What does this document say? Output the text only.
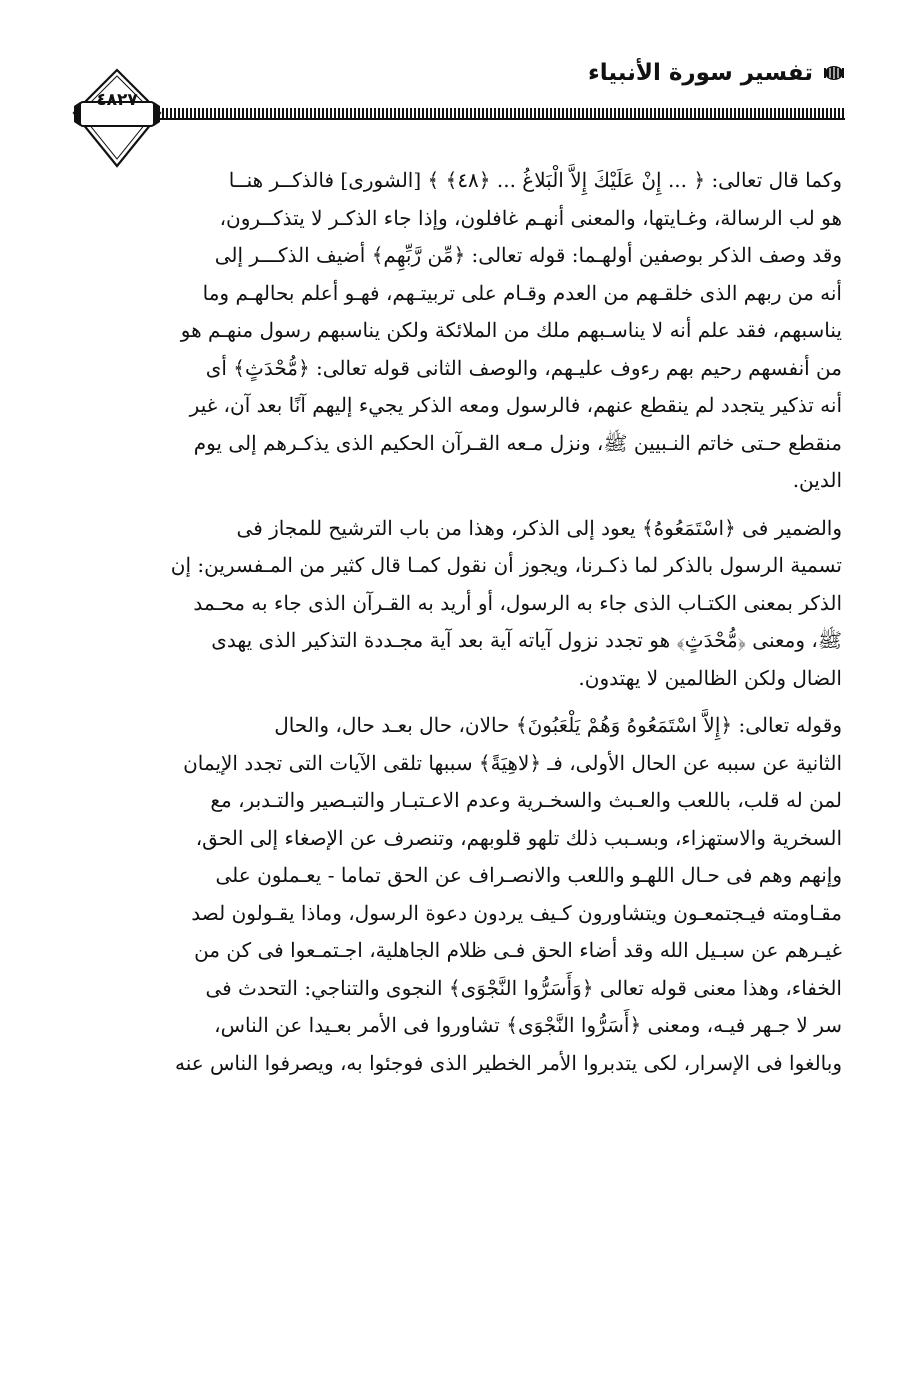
تفسير سورة الأنبياء
٤٨٢٧

وكما قال تعالى: ﴿ ... إِنْ عَلَيْكَ إِلاَّ الْبَلاغُ ... ﴿٤٨﴾ ﴾ [الشورى] فالذكــر هنــا
هو لب الرسالة، وغـايتها، والمعنى أنهـم غافلون، وإذا جاء الذكـر لا يتذكــرون،
وقد وصف الذكر بوصفين أولهـما: قوله تعالى: ﴿مِّن رَّبِّهِم﴾ أضيف الذكـــر إلى
أنه من ربهم الذى خلقـهم من العدم وقـام على تربيتـهم، فهـو أعلم بحالهـم وما
يناسبهم، فقد علم أنه لا يناسـبهم ملك من الملائكة ولكن يناسبهم رسول منهـم هو
من أنفسهم رحيم بهم رءوف عليـهم، والوصف الثانى قوله تعالى: ﴿مُّحْدَثٍ﴾ أى
أنه تذكير يتجدد لم ينقطع عنهم، فالرسول ومعه الذكر يجيء إليهم آنًا بعد آن، غير
منقطع حـتى خاتم النـبيين ﷺ، ونزل مـعه القـرآن الحكيم الذى يذكـرهم إلى يوم
الدين.

والضمير فى ﴿اسْتَمَعُوهُ﴾ يعود إلى الذكر، وهذا من باب الترشيح للمجاز فى
تسمية الرسول بالذكر لما ذكـرنا، ويجوز أن نقول كمـا قال كثير من المـفسرين: إن
الذكر بمعنى الكتـاب الذى جاء به الرسول، أو أريد به القـرآن الذى جاء به محـمد
ﷺ، ومعنى ﴿مُّحْدَثٍ﴾ هو تجدد نزول آياته آية بعد آية مجـددة التذكير الذى يهدى
الضال ولكن الظالمين لا يهتدون.

وقوله تعالى: ﴿إِلاَّ اسْتَمَعُوهُ وَهُمْ يَلْعَبُونَ﴾ حالان، حال بعـد حال، والحال
الثانية عن سببه عن الحال الأولى، فـ ﴿لاهِيَةً﴾ سببها تلقى الآيات التى تجدد الإيمان
لمن له قلب، باللعب والعـبث والسخـرية وعدم الاعـتبـار والتبـصير والتـدبر، مع
السخرية والاستهزاء، وبسـبب ذلك تلهو قلوبهم، وتنصرف عن الإصغاء إلى الحق،
وإنهم وهم فى حـال اللهـو واللعب والانصـراف عن الحق تماما - يعـملون على
مقـاومته فيـجتمعـون ويتشاورون كـيف يردون دعوة الرسول، وماذا يقـولون لصد
غيـرهم عن سبـيل الله وقد أضاء الحق فـى ظلام الجاهلية، اجـتمـعوا فى كن من
الخفاء، وهذا معنى قوله تعالى ﴿وَأَسَرُّوا النَّجْوَى﴾ النجوى والتناجي: التحدث فى
سر لا جـهر فيـه، ومعنى ﴿أَسَرُّوا النَّجْوَى﴾ تشاوروا فى الأمر بعـيدا عن الناس،
وبالغوا فى الإسرار، لكى يتدبروا الأمر الخطير الذى فوجئوا به، ويصرفوا الناس عنه
